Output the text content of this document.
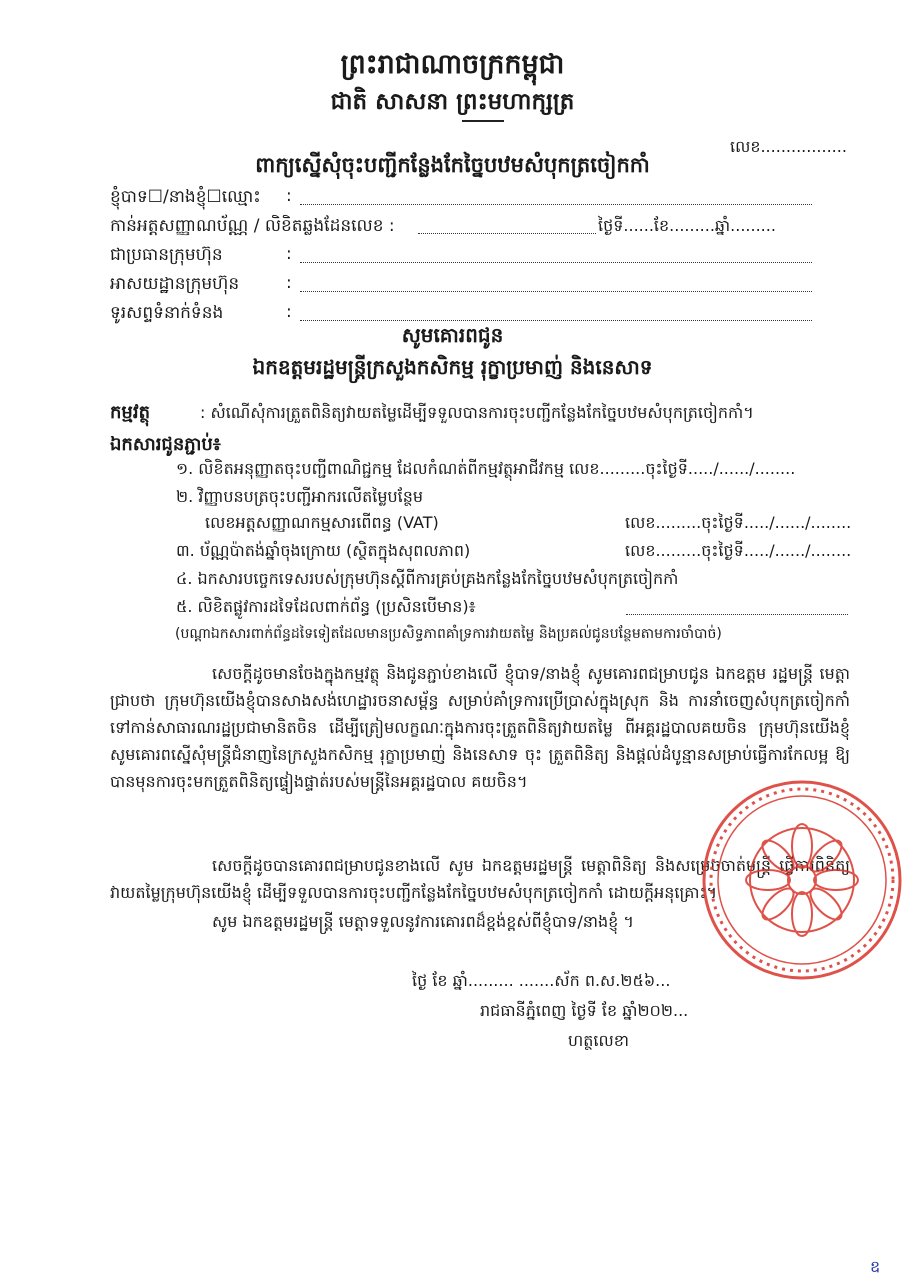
ព្រះរាជាណាចក្រកម្ពុជា
ជាតិ សាសនា ព្រះមហាក្សត្រ
លេខ.................
ពាក្យស្នើសុំចុះបញ្ជីកន្លែងកែច្នៃបឋមសំបុកត្រចៀកកាំ
ខ្ញុំបាទ☐/នាងខ្ញុំ☐ឈ្មោះ :
កាន់អត្តសញ្ញាណប័ណ្ណ / លិខិតឆ្លងដែនលេខ :	ថ្ងៃទី......ខែ.........ឆ្នាំ.........
ជាប្រធានក្រុមហ៊ុន	:
អាសយដ្ឋានក្រុមហ៊ុន	:
ទូរសព្ទទំនាក់ទំនង	:
សូមគោរពជូន
ឯកឧត្តមរដ្ឋមន្ត្រីក្រសួងកសិកម្ម រុក្ខាប្រមាញ់ និងនេសាទ
កម្មវត្ថុ	: សំណើសុំការត្រួតពិនិត្យវាយតម្លៃដើម្បីទទួលបានការចុះបញ្ជីកន្លែងកែច្នៃបឋមសំបុកត្រចៀកកាំ។
ឯកសារជូនភ្ជាប់៖
១. លិខិតអនុញ្ញាតចុះបញ្ជីពាណិជ្ជកម្ម ដែលកំណត់ពីកម្មវត្ថុអាជីវកម្ម លេខ.........ចុះថ្ងៃទី...../....../........
២. វិញ្ញាបនបត្រចុះបញ្ជីអាករលើតម្លៃបន្ថែម
លេខអត្តសញ្ញាណកម្មសារពើពន្ធ (VAT)	លេខ.........ចុះថ្ងៃទី...../....../........
៣. ប័ណ្ណប៉ាតង់ឆ្នាំចុងក្រោយ (ស្ថិតក្នុងសុពលភាព)	លេខ.........ចុះថ្ងៃទី...../....../........
៤. ឯកសារបច្ចេកទេសរបស់ក្រុមហ៊ុនស្ដីពីការគ្រប់គ្រងកន្លែងកែច្នៃបឋមសំបុកត្រចៀកកាំ
៥. លិខិតផ្លូវការដទៃដែលពាក់ព័ន្ធ (ប្រសិនបើមាន)៖
(បណ្ដាឯកសារពាក់ព័ន្ធដទៃទៀតដែលមានប្រសិទ្ធភាពគាំទ្រការវាយតម្លៃ និងប្រគល់ជូនបន្ថែមតាមការចាំបាច់)
សេចក្ដីដូចមានចែងក្នុងកម្មវត្ថុ និងជូនភ្ជាប់ខាងលើ ខ្ញុំបាទ/នាងខ្ញុំ សូមគោរពជម្រាបជូន ឯកឧត្តម រដ្ឋមន្ត្រី មេត្តាជ្រាបថា ក្រុមហ៊ុនយើងខ្ញុំបានសាងសង់ហេដ្ឋារចនាសម្ព័ន្ធ សម្រាប់គាំទ្រការប្រើប្រាស់ក្នុងស្រុក និង ការនាំចេញសំបុកត្រចៀកកាំទៅកាន់សាធារណរដ្ឋប្រជាមានិតចិន ដើម្បីត្រៀមលក្ខណៈក្នុងការចុះត្រួតពិនិត្យវាយតម្លៃ ពីអគ្គរដ្ឋបាលគយចិន ក្រុមហ៊ុនយើងខ្ញុំ សូមគោរពស្នើសុំមន្ត្រីជំនាញនៃក្រសួងកសិកម្ម រុក្ខាប្រមាញ់ និងនេសាទ ចុះ ត្រួតពិនិត្យ និងផ្ដល់ដំបូន្មានសម្រាប់ធ្វើការកែលម្អ ឱ្យបានមុនការចុះមកត្រួតពិនិត្យផ្ទៀងផ្ទាត់របស់មន្ត្រីនៃអគ្គរដ្ឋបាល គយចិន។
សេចក្ដីដូចបានគោរពជម្រាបជូនខាងលើ សូម ឯកឧត្តមរដ្ឋមន្ត្រី មេត្តាពិនិត្យ និងសម្រេចចាត់មន្ត្រី ធ្វើការពិនិត្យវាយតម្លៃក្រុមហ៊ុនយើងខ្ញុំ ដើម្បីទទួលបានការចុះបញ្ជីកន្លែងកែច្នៃបឋមសំបុកត្រចៀកកាំ ដោយក្ដីអនុគ្រោះ។
សូម ឯកឧត្តមរដ្ឋមន្ត្រី មេត្តាទទួលនូវការគោរពដ៏ខ្ពង់ខ្ពស់ពីខ្ញុំបាទ/នាងខ្ញុំ ។
ថ្ងៃ ខែ ឆ្នាំ......... .......ស័ក ព.ស.២៥៦...
រាជធានីភ្នំពេញ ថ្ងៃទី ខែ ឆ្នាំ២០២...
ហត្ថលេខា
ឧ
